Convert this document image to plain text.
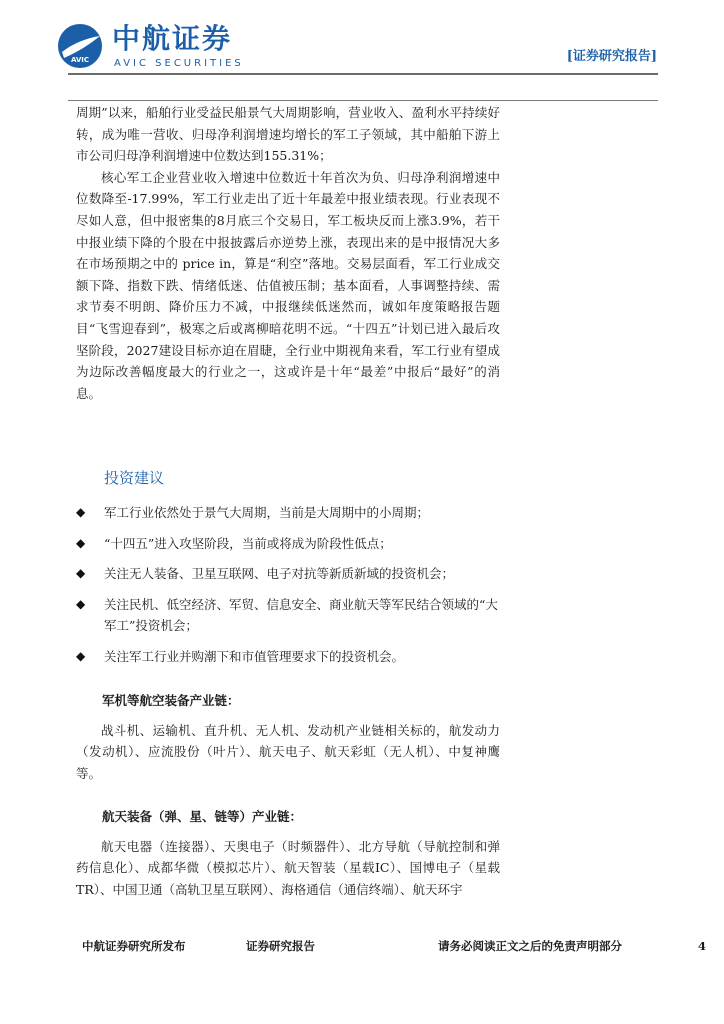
AVIC
中航证券
AVIC SECURITIES	[证券研究报告]

周期”以来，船舶行业受益民船景气大周期影响，营业收入、盈利水平持续好转，成为唯一营收、归母净利润增速均增长的军工子领域，其中船舶下游上市公司归母净利润增速中位数达到155.31%；

核心军工企业营业收入增速中位数近十年首次为负、归母净利润增速中位数降至-17.99%，军工行业走出了近十年最差中报业绩表现。行业表现不尽如人意，但中报密集的8月底三个交易日，军工板块反而上涨3.9%，若干中报业绩下降的个股在中报披露后亦逆势上涨，表现出来的是中报情况大多在市场预期之中的 price in，算是“利空”落地。交易层面看，军工行业成交额下降、指数下跌、情绪低迷、估值被压制；基本面看，人事调整持续、需求节奏不明朗、降价压力不减，中报继续低迷然而，诚如年度策略报告题目“飞雪迎春到”，极寒之后或离柳暗花明不远。“十四五”计划已进入最后攻坚阶段，2027建设目标亦迫在眉睫，全行业中期视角来看，军工行业有望成为边际改善幅度最大的行业之一，这或许是十年“最差”中报后“最好”的消息。

投资建议
◆ 军工行业依然处于景气大周期，当前是大周期中的小周期；
◆ “十四五”进入攻坚阶段，当前或将成为阶段性低点；
◆ 关注无人装备、卫星互联网、电子对抗等新质新域的投资机会；
◆ 关注民机、低空经济、军贸、信息安全、商业航天等军民结合领域的“大军工”投资机会；
◆ 关注军工行业并购潮下和市值管理要求下的投资机会。

军机等航空装备产业链：

战斗机、运输机、直升机、无人机、发动机产业链相关标的，航发动力（发动机）、应流股份（叶片）、航天电子、航天彩虹（无人机）、中复神鹰等。

航天装备（弹、星、链等）产业链：

航天电器（连接器）、天奥电子（时频器件）、北方导航（导航控制和弹药信息化）、成都华微（模拟芯片）、航天智装（星载IC）、国博电子（星载TR）、中国卫通（高轨卫星互联网）、海格通信（通信终端）、航天环宇

中航证券研究所发布	证券研究报告	请务必阅读正文之后的免责声明部分	4
